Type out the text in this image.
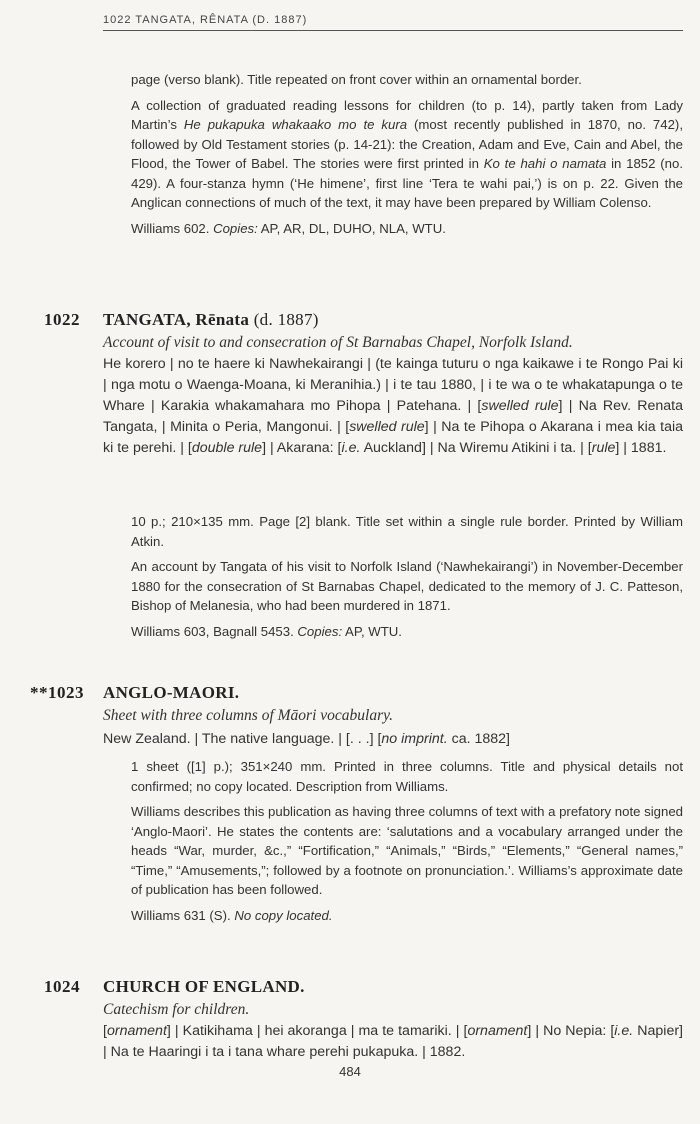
1022 TANGATA, RÊNATA (D. 1887)

page (verso blank). Title repeated on front cover within an ornamental border.

A collection of graduated reading lessons for children (to p. 14), partly taken from Lady Martin’s He pukapuka whakaako mo te kura (most recently published in 1870, no. 742), followed by Old Testament stories (p. 14-21): the Creation, Adam and Eve, Cain and Abel, the Flood, the Tower of Babel. The stories were first printed in Ko te hahi o namata in 1852 (no. 429). A four-stanza hymn (‘He himene’, first line ‘Tera te wahi pai,’) is on p. 22. Given the Anglican connections of much of the text, it may have been prepared by William Colenso.

Williams 602. Copies: AP, AR, DL, DUHO, NLA, WTU.

1022 TANGATA, Rēnata (d. 1887)
Account of visit to and consecration of St Barnabas Chapel, Norfolk Island.
He korero | no te haere ki Nawhekairangi | (te kainga tuturu o nga kaikawe i te Rongo Pai ki | nga motu o Waenga-Moana, ki Meranihia.) | i te tau 1880, | i te wa o te whakatapunga o te Whare | Karakia whakamahara mo Pihopa | Patehana. | [swelled rule] | Na Rev. Renata Tangata, | Minita o Peria, Mangonui. | [swelled rule] | Na te Pihopa o Akarana i mea kia taia ki te perehi. | [double rule] | Akarana: [i.e. Auckland] | Na Wiremu Atikini i ta. | [rule] | 1881.

10 p.; 210×135 mm. Page [2] blank. Title set within a single rule border. Printed by William Atkin.

An account by Tangata of his visit to Norfolk Island (‘Nawhekairangi’) in November-December 1880 for the consecration of St Barnabas Chapel, dedicated to the memory of J. C. Patteson, Bishop of Melanesia, who had been murdered in 1871.

Williams 603, Bagnall 5453. Copies: AP, WTU.

**1023 ANGLO-MAORI.
Sheet with three columns of Māori vocabulary.
New Zealand. | The native language. | [. . .] [no imprint. ca. 1882]

1 sheet ([1] p.); 351×240 mm. Printed in three columns. Title and physical details not confirmed; no copy located. Description from Williams.

Williams describes this publication as having three columns of text with a prefatory note signed ‘Anglo-Maori’. He states the contents are: ‘salutations and a vocabulary arranged under the heads “War, murder, &c.,” “Fortification,” “Animals,” “Birds,” “Elements,” “General names,” “Time,” “Amusements,”; followed by a footnote on pronunciation.’. Williams’s approximate date of publication has been followed.

Williams 631 (S). No copy located.

1024 CHURCH OF ENGLAND.
Catechism for children.
[ornament] | Katikihama | hei akoranga | ma te tamariki. | [ornament] | No Nepia: [i.e. Napier] | Na te Haaringi i ta i tana whare perehi pukapuka. | 1882.
484
